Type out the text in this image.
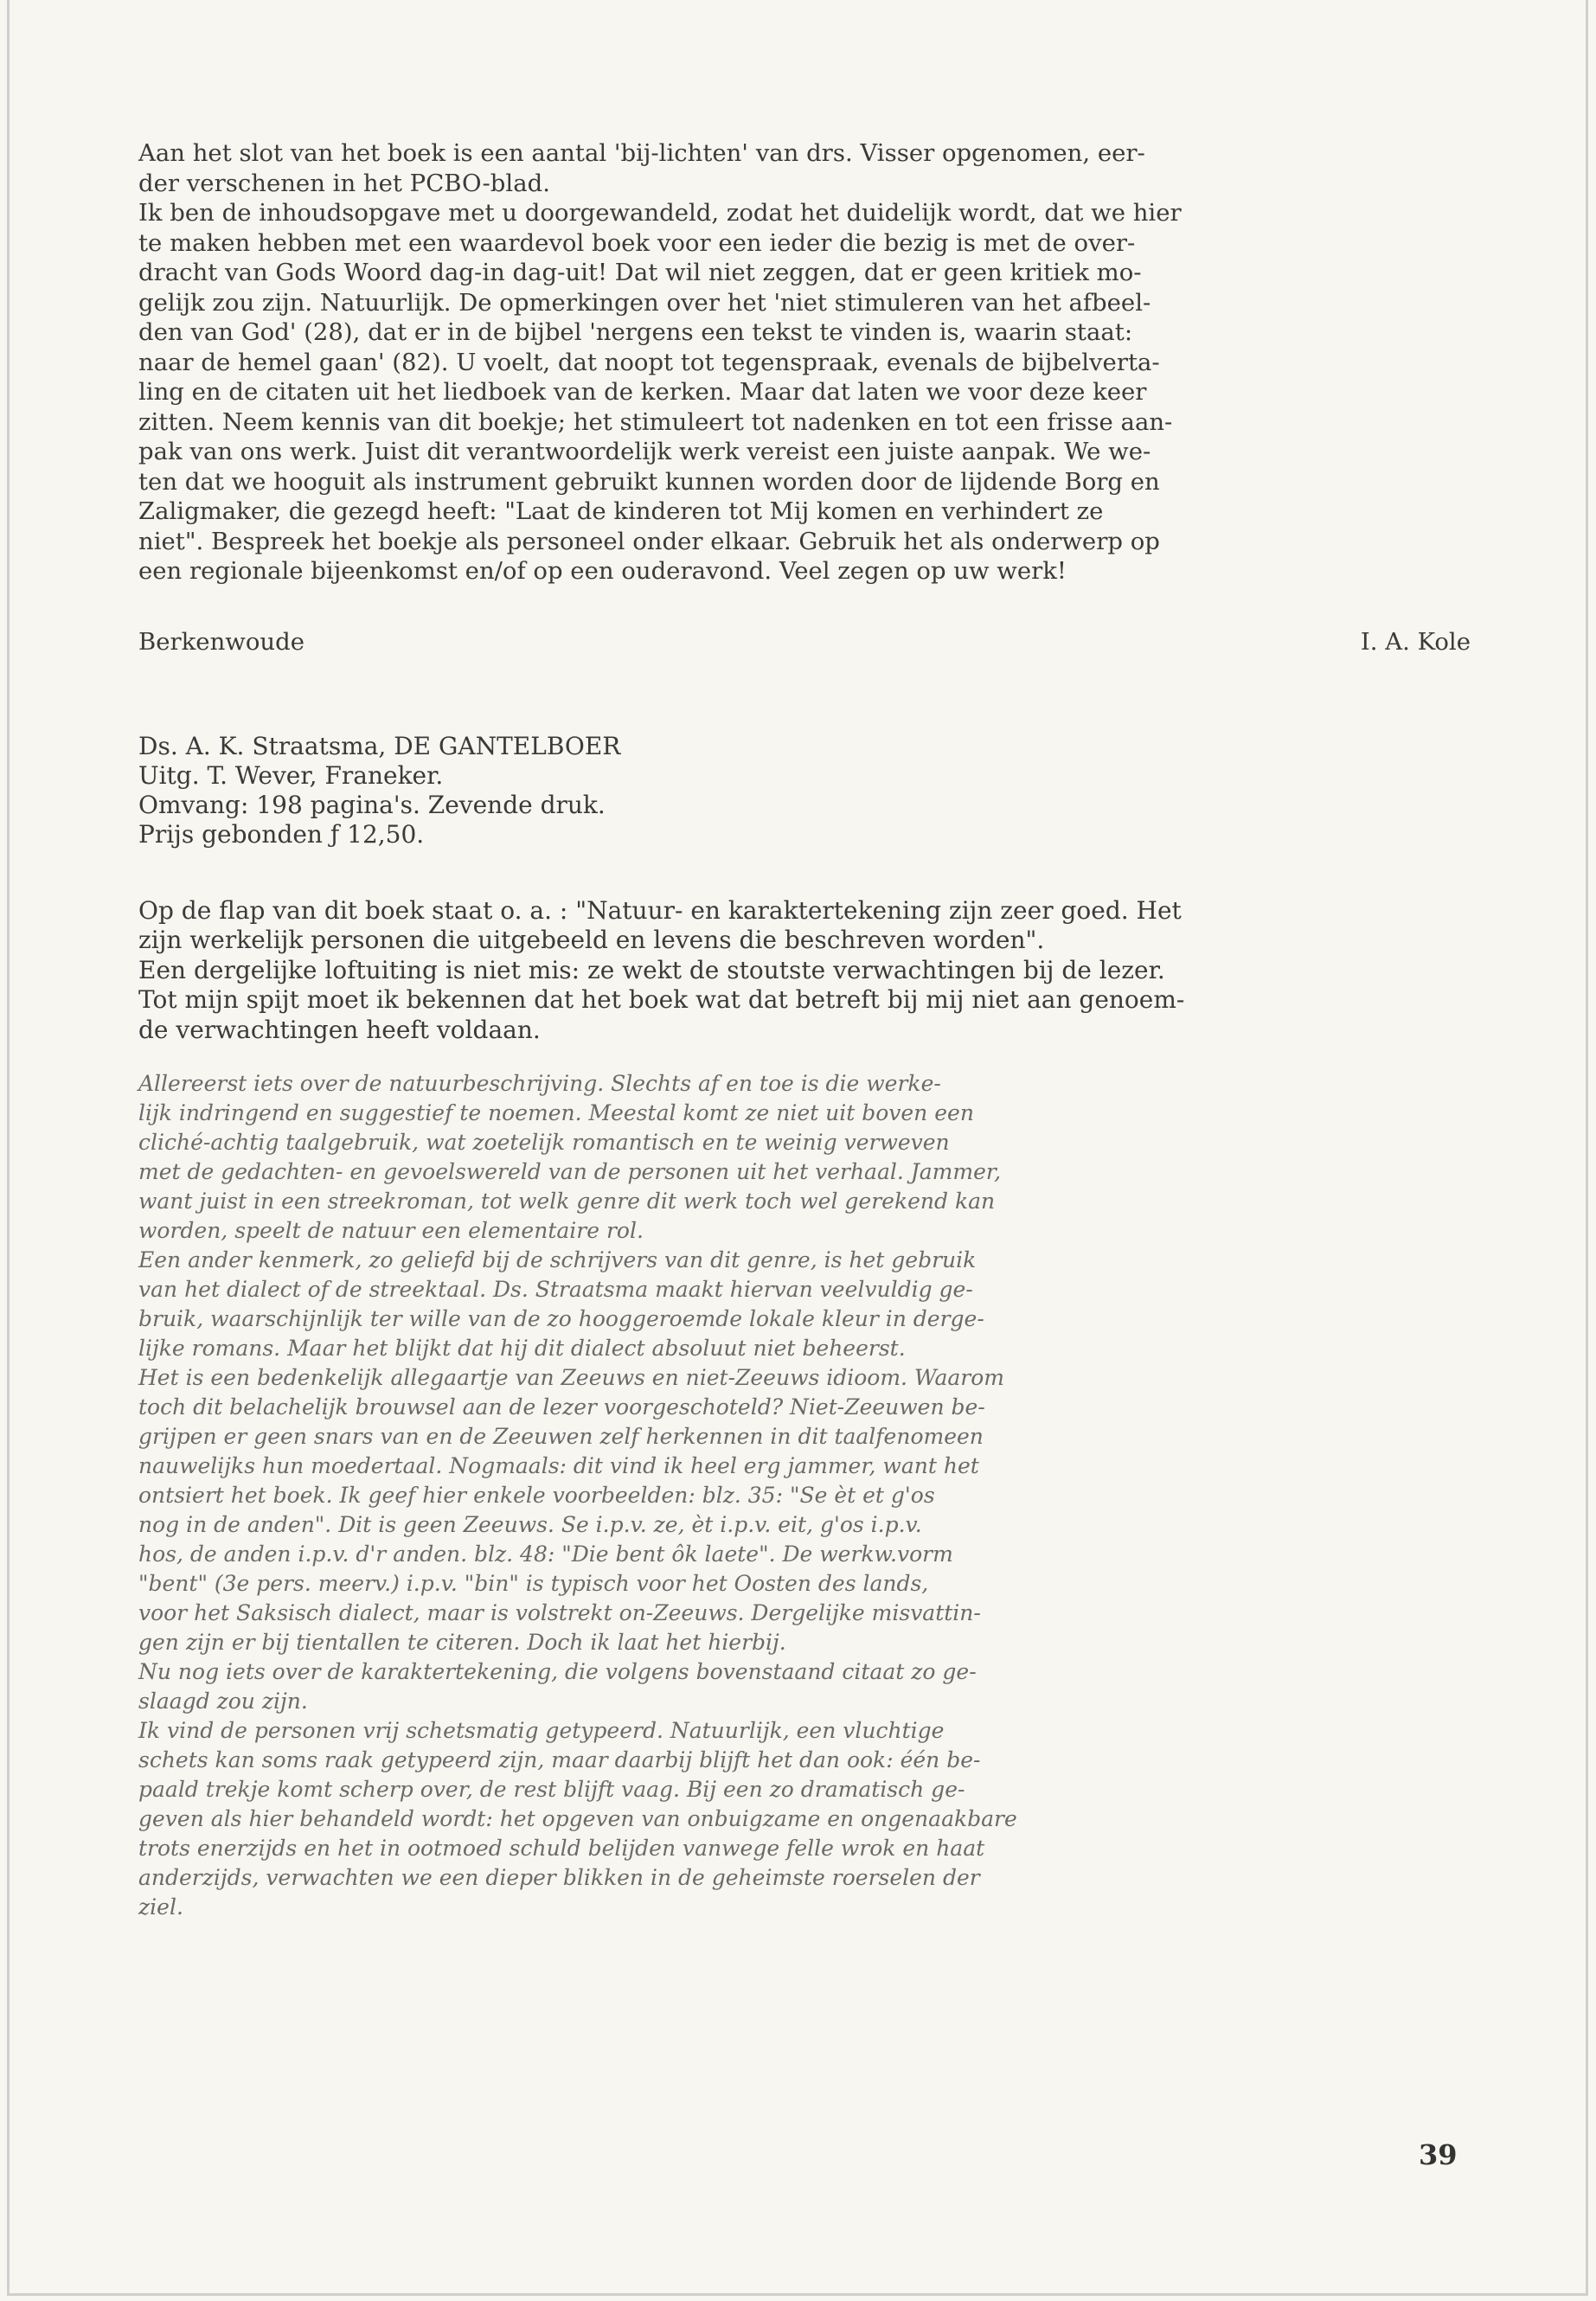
Aan het slot van het boek is een aantal 'bij-lichten' van drs. Visser opgenomen, eer-
der verschenen in het PCBO-blad.
Ik ben de inhoudsopgave met u doorgewandeld, zodat het duidelijk wordt, dat we hier
te maken hebben met een waardevol boek voor een ieder die bezig is met de over-
dracht van Gods Woord dag-in dag-uit! Dat wil niet zeggen, dat er geen kritiek mo-
gelijk zou zijn. Natuurlijk. De opmerkingen over het 'niet stimuleren van het afbeel-
den van God' (28), dat er in de bijbel 'nergens een tekst te vinden is, waarin staat:
naar de hemel gaan' (82). U voelt, dat noopt tot tegenspraak, evenals de bijbelverta-
ling en de citaten uit het liedboek van de kerken. Maar dat laten we voor deze keer
zitten. Neem kennis van dit boekje; het stimuleert tot nadenken en tot een frisse aan-
pak van ons werk. Juist dit verantwoordelijk werk vereist een juiste aanpak. We we-
ten dat we hooguit als instrument gebruikt kunnen worden door de lijdende Borg en
Zaligmaker, die gezegd heeft: "Laat de kinderen tot Mij komen en verhindert ze
niet". Bespreek het boekje als personeel onder elkaar. Gebruik het als onderwerp op
een regionale bijeenkomst en/of op een ouderavond. Veel zegen op uw werk!

Berkenwoude	I. A. Kole
Ds. A. K. Straatsma, DE GANTELBOER
Uitg. T. Wever, Franeker.
Omvang: 198 pagina's. Zevende druk.
Prijs gebonden ƒ 12,50.

Op de flap van dit boek staat o. a. : "Natuur- en karaktertekening zijn zeer goed. Het
zijn werkelijk personen die uitgebeeld en levens die beschreven worden".
Een dergelijke loftuiting is niet mis: ze wekt de stoutste verwachtingen bij de lezer.
Tot mijn spijt moet ik bekennen dat het boek wat dat betreft bij mij niet aan genoem-
de verwachtingen heeft voldaan.

Allereerst iets over de natuurbeschrijving. Slechts af en toe is die werke-
lijk indringend en suggestief te noemen. Meestal komt ze niet uit boven een
cliché-achtig taalgebruik, wat zoetelijk romantisch en te weinig verweven
met de gedachten- en gevoelswereld van de personen uit het verhaal. Jammer,
want juist in een streekroman, tot welk genre dit werk toch wel gerekend kan
worden, speelt de natuur een elementaire rol.
Een ander kenmerk, zo geliefd bij de schrijvers van dit genre, is het gebruik
van het dialect of de streektaal. Ds. Straatsma maakt hiervan veelvuldig ge-
bruik, waarschijnlijk ter wille van de zo hooggeroemde lokale kleur in derge-
lijke romans. Maar het blijkt dat hij dit dialect absoluut niet beheerst.
Het is een bedenkelijk allegaartje van Zeeuws en niet-Zeeuws idioom. Waarom
toch dit belachelijk brouwsel aan de lezer voorgeschoteld? Niet-Zeeuwen be-
grijpen er geen snars van en de Zeeuwen zelf herkennen in dit taalfenomeen
nauwelijks hun moedertaal. Nogmaals: dit vind ik heel erg jammer, want het
ontsiert het boek. Ik geef hier enkele voorbeelden: blz. 35: "Se èt et g'os
nog in de anden". Dit is geen Zeeuws. Se i.p.v. ze, èt i.p.v. eit, g'os i.p.v.
hos, de anden i.p.v. d'r anden. blz. 48: "Die bent ôk laete". De werkw.vorm
"bent" (3e pers. meerv.) i.p.v. "bin" is typisch voor het Oosten des lands,
voor het Saksisch dialect, maar is volstrekt on-Zeeuws. Dergelijke misvattin-
gen zijn er bij tientallen te citeren. Doch ik laat het hierbij.
Nu nog iets over de karaktertekening, die volgens bovenstaand citaat zo ge-
slaagd zou zijn.
Ik vind de personen vrij schetsmatig getypeerd. Natuurlijk, een vluchtige
schets kan soms raak getypeerd zijn, maar daarbij blijft het dan ook: één be-
paald trekje komt scherp over, de rest blijft vaag. Bij een zo dramatisch ge-
geven als hier behandeld wordt: het opgeven van onbuigzame en ongenaakbare
trots enerzijds en het in ootmoed schuld belijden vanwege felle wrok en haat
anderzijds, verwachten we een dieper blikken in de geheimste roerselen der
ziel.
39
